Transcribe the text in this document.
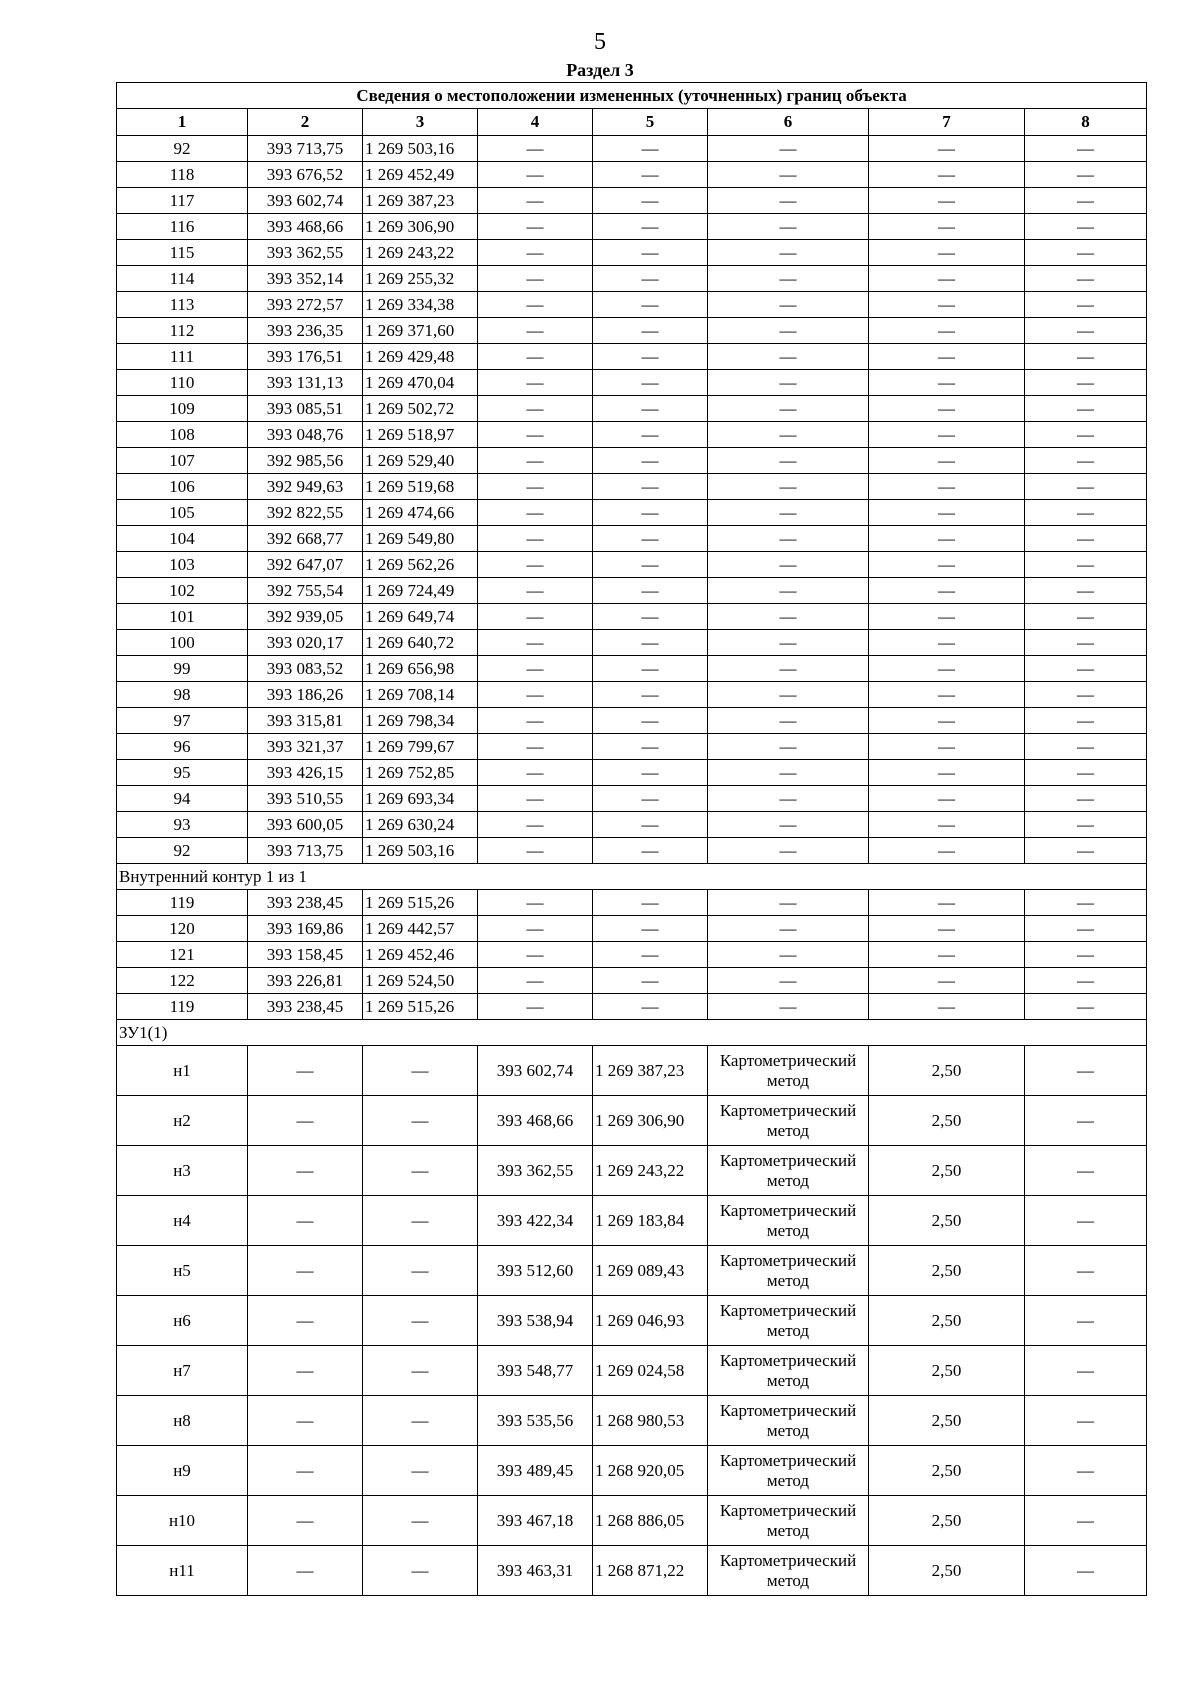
5
Раздел 3
Сведения о местоположении измененных (уточненных) границ объекта							
1	2	3	4	5	6	7	8
92	393 713,75	1 269 503,16	—	—	—	—	—
118	393 676,52	1 269 452,49	—	—	—	—	—
117	393 602,74	1 269 387,23	—	—	—	—	—
116	393 468,66	1 269 306,90	—	—	—	—	—
115	393 362,55	1 269 243,22	—	—	—	—	—
114	393 352,14	1 269 255,32	—	—	—	—	—
113	393 272,57	1 269 334,38	—	—	—	—	—
112	393 236,35	1 269 371,60	—	—	—	—	—
111	393 176,51	1 269 429,48	—	—	—	—	—
110	393 131,13	1 269 470,04	—	—	—	—	—
109	393 085,51	1 269 502,72	—	—	—	—	—
108	393 048,76	1 269 518,97	—	—	—	—	—
107	392 985,56	1 269 529,40	—	—	—	—	—
106	392 949,63	1 269 519,68	—	—	—	—	—
105	392 822,55	1 269 474,66	—	—	—	—	—
104	392 668,77	1 269 549,80	—	—	—	—	—
103	392 647,07	1 269 562,26	—	—	—	—	—
102	392 755,54	1 269 724,49	—	—	—	—	—
101	392 939,05	1 269 649,74	—	—	—	—	—
100	393 020,17	1 269 640,72	—	—	—	—	—
99	393 083,52	1 269 656,98	—	—	—	—	—
98	393 186,26	1 269 708,14	—	—	—	—	—
97	393 315,81	1 269 798,34	—	—	—	—	—
96	393 321,37	1 269 799,67	—	—	—	—	—
95	393 426,15	1 269 752,85	—	—	—	—	—
94	393 510,55	1 269 693,34	—	—	—	—	—
93	393 600,05	1 269 630,24	—	—	—	—	—
92	393 713,75	1 269 503,16	—	—	—	—	—
Внутренний контур 1 из 1							
119	393 238,45	1 269 515,26	—	—	—	—	—
120	393 169,86	1 269 442,57	—	—	—	—	—
121	393 158,45	1 269 452,46	—	—	—	—	—
122	393 226,81	1 269 524,50	—	—	—	—	—
119	393 238,45	1 269 515,26	—	—	—	—	—
ЗУ1(1)							
н1	—	—	393 602,74	1 269 387,23	Картометрический метод	2,50	—
н2	—	—	393 468,66	1 269 306,90	Картометрический метод	2,50	—
н3	—	—	393 362,55	1 269 243,22	Картометрический метод	2,50	—
н4	—	—	393 422,34	1 269 183,84	Картометрический метод	2,50	—
н5	—	—	393 512,60	1 269 089,43	Картометрический метод	2,50	—
н6	—	—	393 538,94	1 269 046,93	Картометрический метод	2,50	—
н7	—	—	393 548,77	1 269 024,58	Картометрический метод	2,50	—
н8	—	—	393 535,56	1 268 980,53	Картометрический метод	2,50	—
н9	—	—	393 489,45	1 268 920,05	Картометрический метод	2,50	—
н10	—	—	393 467,18	1 268 886,05	Картометрический метод	2,50	—
н11	—	—	393 463,31	1 268 871,22	Картометрический метод	2,50	—
